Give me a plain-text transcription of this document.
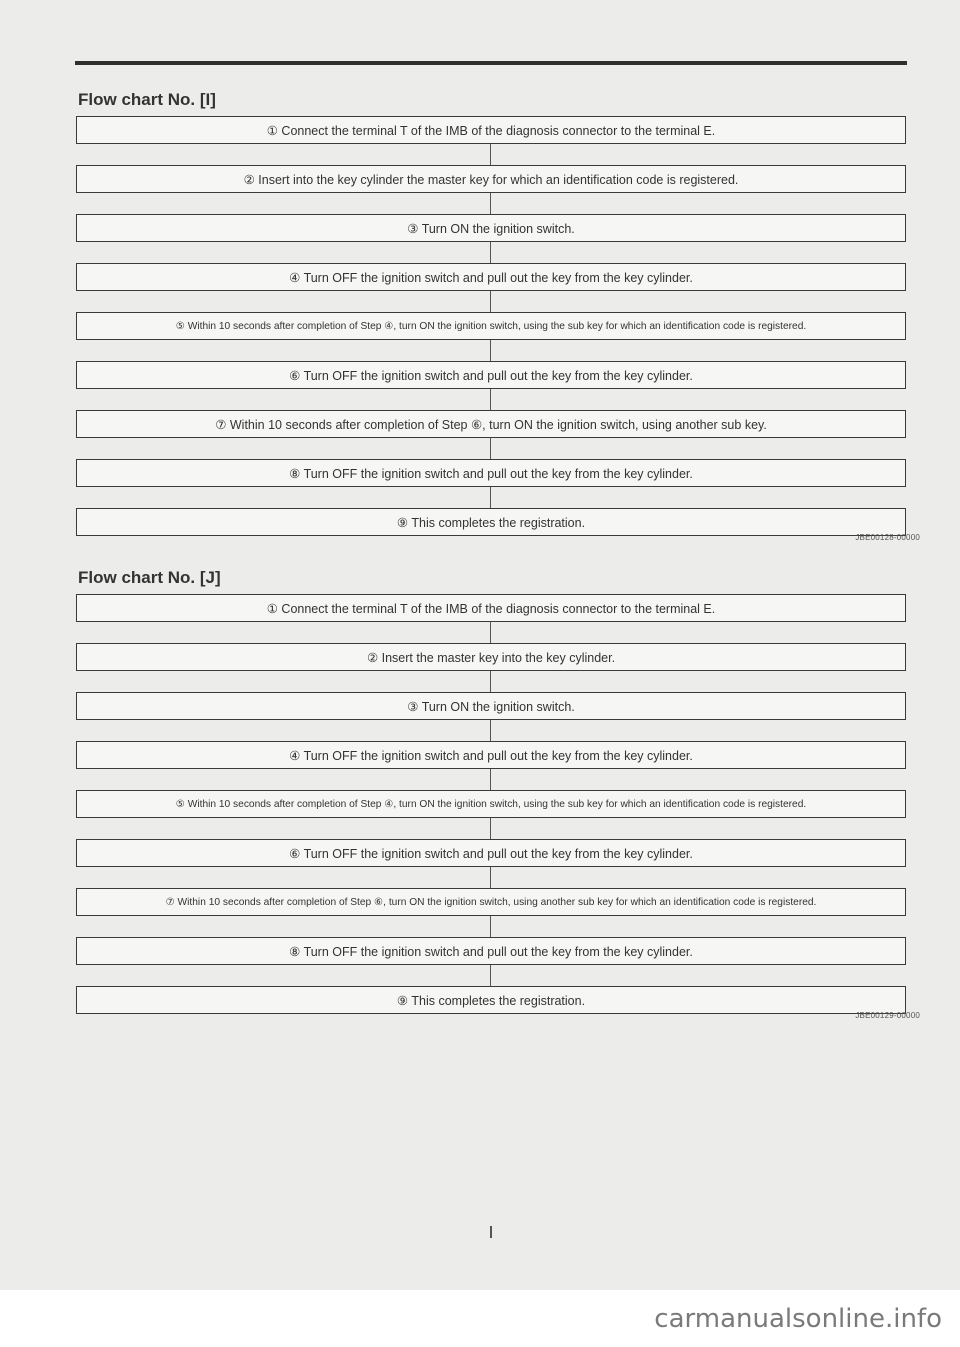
Flow chart No. [I]
① Connect the terminal T of the IMB of the diagnosis connector to the terminal E.
② Insert into the key cylinder the master key for which an identification code is registered.
③ Turn ON the ignition switch.
④ Turn OFF the ignition switch and pull out the key from the key cylinder.
⑤ Within 10 seconds after completion of Step ④, turn ON the ignition switch, using the sub key for which an identification code is registered.
⑥ Turn OFF the ignition switch and pull out the key from the key cylinder.
⑦ Within 10 seconds after completion of Step ⑥, turn ON the ignition switch, using another sub key.
⑧ Turn OFF the ignition switch and pull out the key from the key cylinder.
⑨ This completes the registration.
JBE00128-00000
Flow chart No. [J]
① Connect the terminal T of the IMB of the diagnosis connector to the terminal E.
② Insert the master key into the key cylinder.
③ Turn ON the ignition switch.
④ Turn OFF the ignition switch and pull out the key from the key cylinder.
⑤ Within 10 seconds after completion of Step ④, turn ON the ignition switch, using the sub key for which an identification code is registered.
⑥ Turn OFF the ignition switch and pull out the key from the key cylinder.
⑦ Within 10 seconds after completion of Step ⑥, turn ON the ignition switch, using another sub key for which an identification code is registered.
⑧ Turn OFF the ignition switch and pull out the key from the key cylinder.
⑨ This completes the registration.
JBE00129-00000
carmanualsonline.info
